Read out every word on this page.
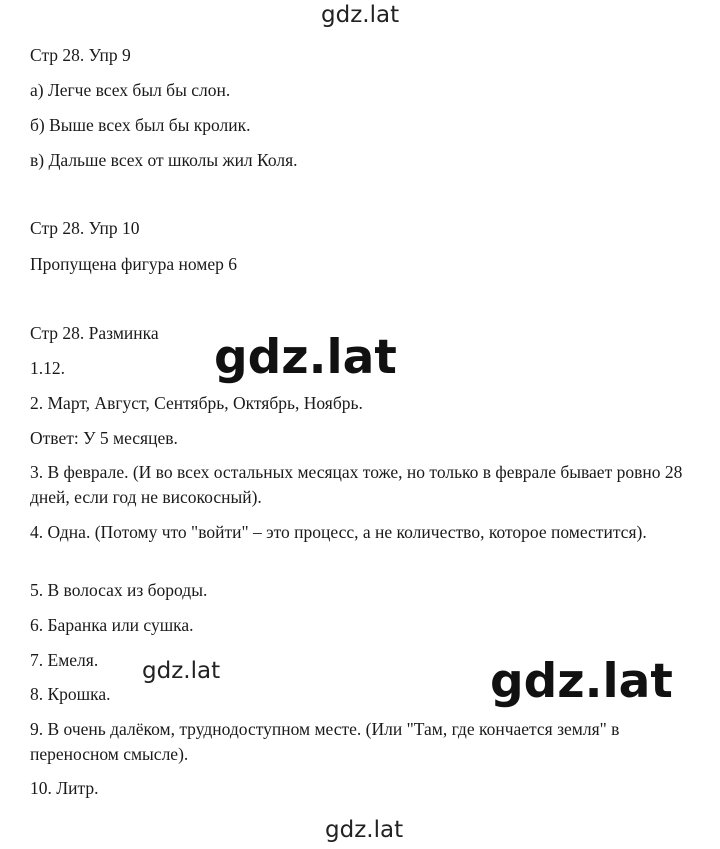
gdz.lat
Стр 28. Упр 9
а) Легче всех был бы слон.
б) Выше всех был бы кролик.
в) Дальше всех от школы жил Коля.
Стр 28. Упр 10
Пропущена фигура номер 6
Стр 28. Разминка
1.12.
2. Март, Август, Сентябрь, Октябрь, Ноябрь.
Ответ: У 5 месяцев.
3. В феврале. (И во всех остальных месяцах тоже, но только в феврале бывает ровно 28 дней, если год не високосный).
4. Одна. (Потому что "войти" – это процесс, а не количество, которое поместится).
5. В волосах из бороды.
6. Баранка или сушка.
7. Емеля.
8. Крошка.
9. В очень далёком, труднодоступном месте. (Или "Там, где кончается земля" в переносном смысле).
10. Литр.
gdz.lat
gdz.lat	gdz.lat
gdz.lat
